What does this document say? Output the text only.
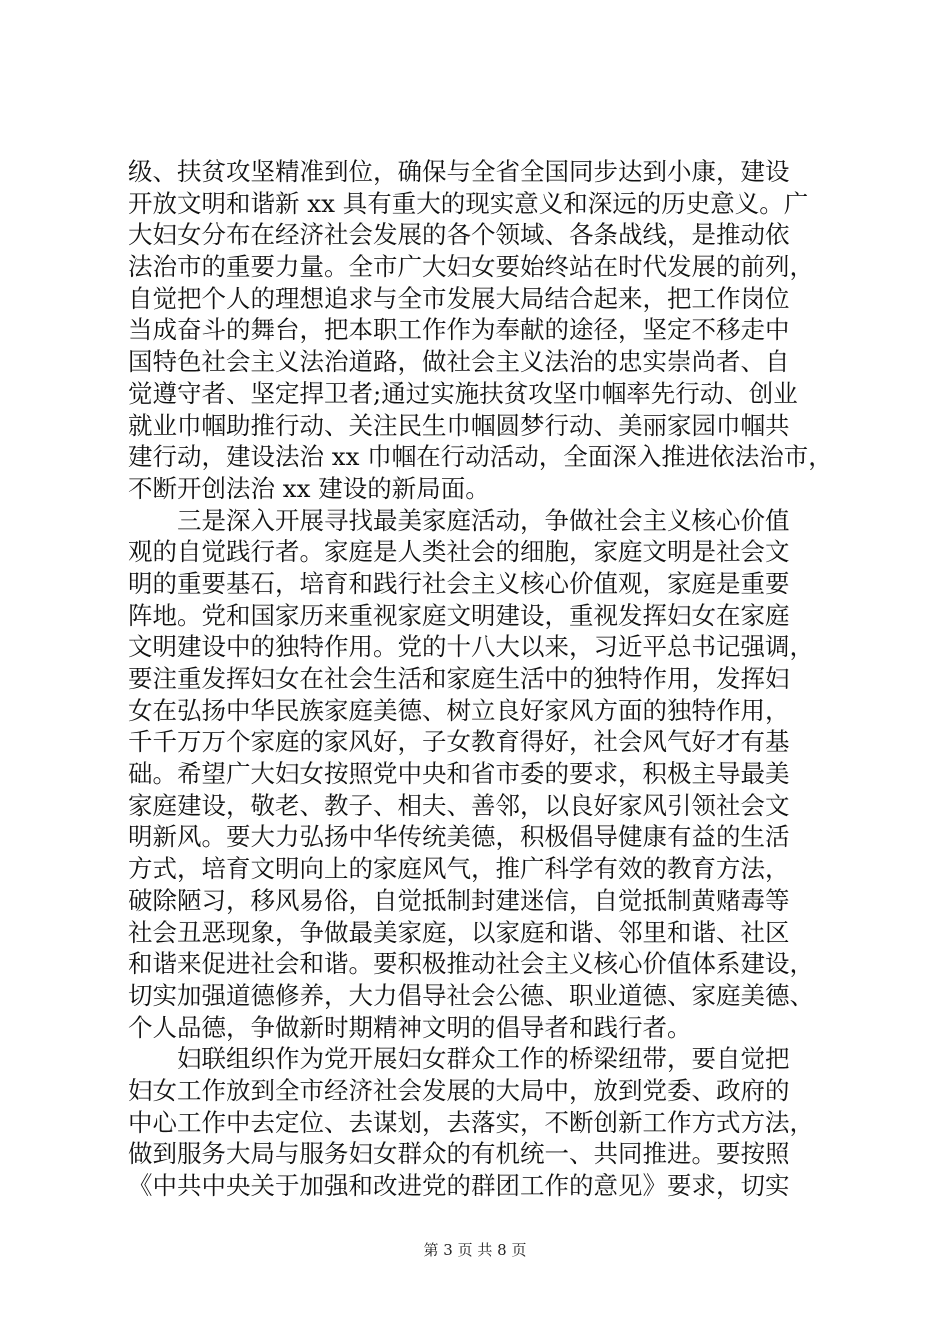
级、扶贫攻坚精准到位，确保与全省全国同步达到小康，建设
开放文明和谐新 xx 具有重大的现实意义和深远的历史意义。广
大妇女分布在经济社会发展的各个领域、各条战线，是推动依
法治市的重要力量。全市广大妇女要始终站在时代发展的前列，
自觉把个人的理想追求与全市发展大局结合起来，把工作岗位
当成奋斗的舞台，把本职工作作为奉献的途径，坚定不移走中
国特色社会主义法治道路，做社会主义法治的忠实崇尚者、自
觉遵守者、坚定捍卫者;通过实施扶贫攻坚巾帼率先行动、创业
就业巾帼助推行动、关注民生巾帼圆梦行动、美丽家园巾帼共
建行动，建设法治 xx 巾帼在行动活动，全面深入推进依法治市，
不断开创法治 xx 建设的新局面。
　　三是深入开展寻找最美家庭活动，争做社会主义核心价值
观的自觉践行者。家庭是人类社会的细胞，家庭文明是社会文
明的重要基石，培育和践行社会主义核心价值观，家庭是重要
阵地。党和国家历来重视家庭文明建设，重视发挥妇女在家庭
文明建设中的独特作用。党的十八大以来，习近平总书记强调，
要注重发挥妇女在社会生活和家庭生活中的独特作用，发挥妇
女在弘扬中华民族家庭美德、树立良好家风方面的独特作用，
千千万万个家庭的家风好，子女教育得好，社会风气好才有基
础。希望广大妇女按照党中央和省市委的要求，积极主导最美
家庭建设，敬老、教子、相夫、善邻，以良好家风引领社会文
明新风。要大力弘扬中华传统美德，积极倡导健康有益的生活
方式，培育文明向上的家庭风气，推广科学有效的教育方法，
破除陋习，移风易俗，自觉抵制封建迷信，自觉抵制黄赌毒等
社会丑恶现象，争做最美家庭，以家庭和谐、邻里和谐、社区
和谐来促进社会和谐。要积极推动社会主义核心价值体系建设，
切实加强道德修养，大力倡导社会公德、职业道德、家庭美德、
个人品德，争做新时期精神文明的倡导者和践行者。
　　妇联组织作为党开展妇女群众工作的桥梁纽带，要自觉把
妇女工作放到全市经济社会发展的大局中，放到党委、政府的
中心工作中去定位、去谋划，去落实，不断创新工作方式方法，
做到服务大局与服务妇女群众的有机统一、共同推进。要按照
《中共中央关于加强和改进党的群团工作的意见》要求，切实
第 3 页 共 8 页
